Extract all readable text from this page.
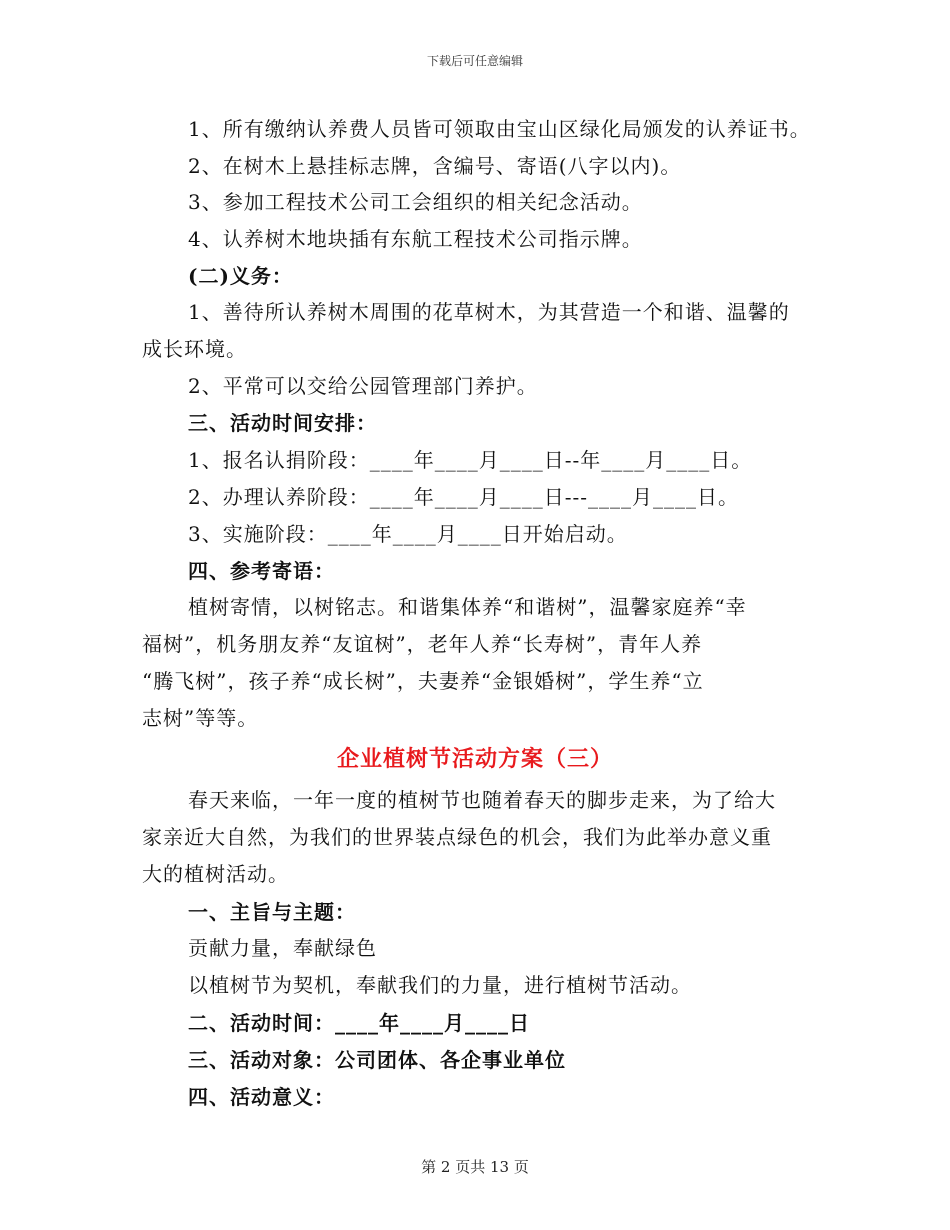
下载后可任意编辑
1、所有缴纳认养费人员皆可领取由宝山区绿化局颁发的认养证书。
2、在树木上悬挂标志牌，含编号、寄语(八字以内)。
3、参加工程技术公司工会组织的相关纪念活动。
4、认养树木地块插有东航工程技术公司指示牌。
(二)义务：
1、善待所认养树木周围的花草树木，为其营造一个和谐、温馨的
成长环境。
2、平常可以交给公园管理部门养护。
三、活动时间安排：
1、报名认捐阶段：____年____月____日--年____月____日。
2、办理认养阶段：____年____月____日---____月____日。
3、实施阶段：____年____月____日开始启动。
四、参考寄语：
植树寄情，以树铭志。和谐集体养“和谐树”，温馨家庭养“幸
福树”，机务朋友养“友谊树”，老年人养“长寿树”，青年人养
“腾飞树”，孩子养“成长树”，夫妻养“金银婚树”，学生养“立
志树”等等。
企业植树节活动方案（三）
春天来临，一年一度的植树节也随着春天的脚步走来，为了给大
家亲近大自然，为我们的世界装点绿色的机会，我们为此举办意义重
大的植树活动。
一、主旨与主题：
贡献力量，奉献绿色
以植树节为契机，奉献我们的力量，进行植树节活动。
二、活动时间：____年____月____日
三、活动对象：公司团体、各企事业单位
四、活动意义：
第 2 页共 13 页
